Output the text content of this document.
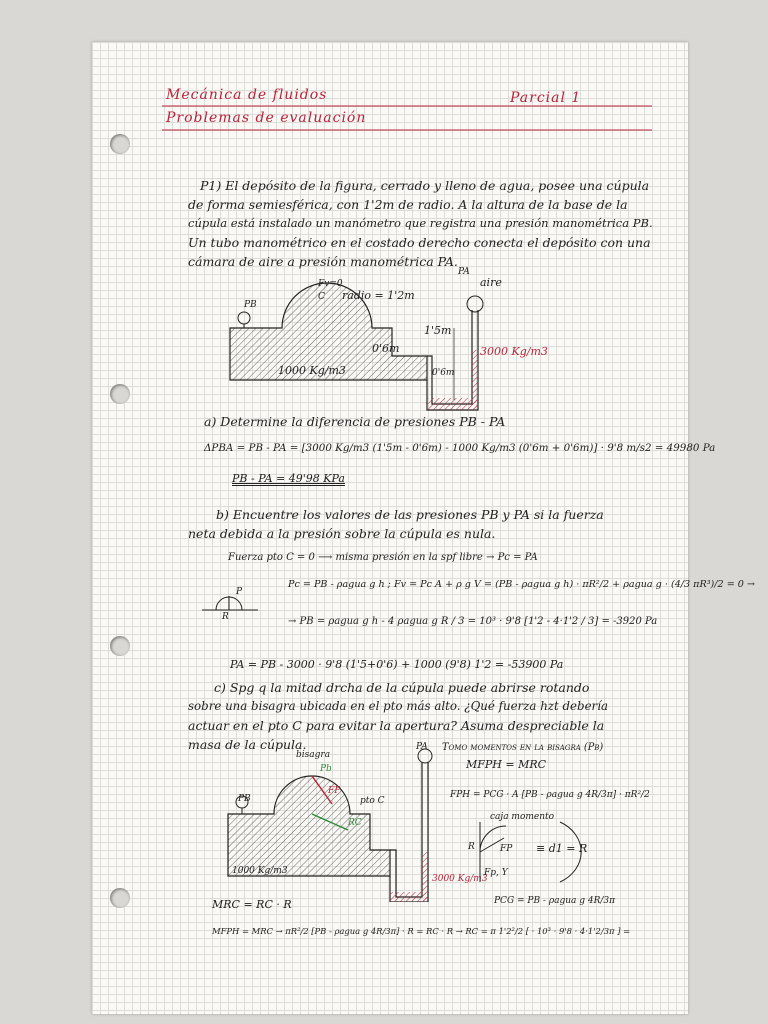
Mecánica de fluidos
Problemas de evaluación
Parcial 1
P1) El depósito de la figura, cerrado y lleno de agua, posee una cúpula
de forma semiesférica, con 1'2m de radio. A la altura de la base de la
cúpula está instalado un manómetro que registra una presión manométrica PB.
Un tubo manométrico en el costado derecho conecta el depósito con una
cámara de aire a presión manométrica PA.
PB
C
Fv=0
radio = 1'2m
PA
aire
1'5m
0'6m
0'6m
1000 Kg/m3
3000 Kg/m3
a) Determine la diferencia de presiones PB - PA
ΔPBA = PB - PA = [3000 Kg/m3 (1'5m - 0'6m) - 1000 Kg/m3 (0'6m + 0'6m)] · 9'8 m/s2 = 49980 Pa
PB - PA = 49'98 KPa
b) Encuentre los valores de las presiones PB y PA si la fuerza
neta debida a la presión sobre la cúpula es nula.
Fuerza pto C = 0 ⟶ misma presión en la spf libre → Pc = PA
Pc = PB - ρagua g h ; Fv = Pc A + ρ g V = (PB - ρagua g h) · πR²/2 + ρagua g · (4/3 πR³)/2 = 0 →
P
R	→ PB = ρagua g h - 4 ρagua g R / 3 = 10³ · 9'8 [1'2 - 4·1'2 / 3] = -3920 Pa
PA = PB - 3000 · 9'8 (1'5+0'6) + 1000 (9'8) 1'2 = -53900 Pa
c) Spg q la mitad drcha de la cúpula puede abrirse rotando
sobre una bisagra ubicada en el pto más alto. ¿Qué fuerza hzt debería
actuar en el pto C para evitar la apertura? Asuma despreciable la
masa de la cúpula.
bisagra
Pb
FP
pto C
RC
PA
PB
1000 Kg/m3
3000 Kg/m3
Tomo momentos en la bisagra (Pb)
MFPH = MRC
FPH = PCG · A [PB - ρagua g 4R/3π] · πR²/2
caja momento
R	FP
Fp, Y
≡ d1 = R
PCG = PB - ρagua g 4R/3π
MRC = RC · R
MFPH = MRC → πR²/2 [PB - ρagua g 4R/3π] · R = RC · R → RC = π 1'2²/2 [ · 10³ · 9'8 · 4·1'2/3π ] =
